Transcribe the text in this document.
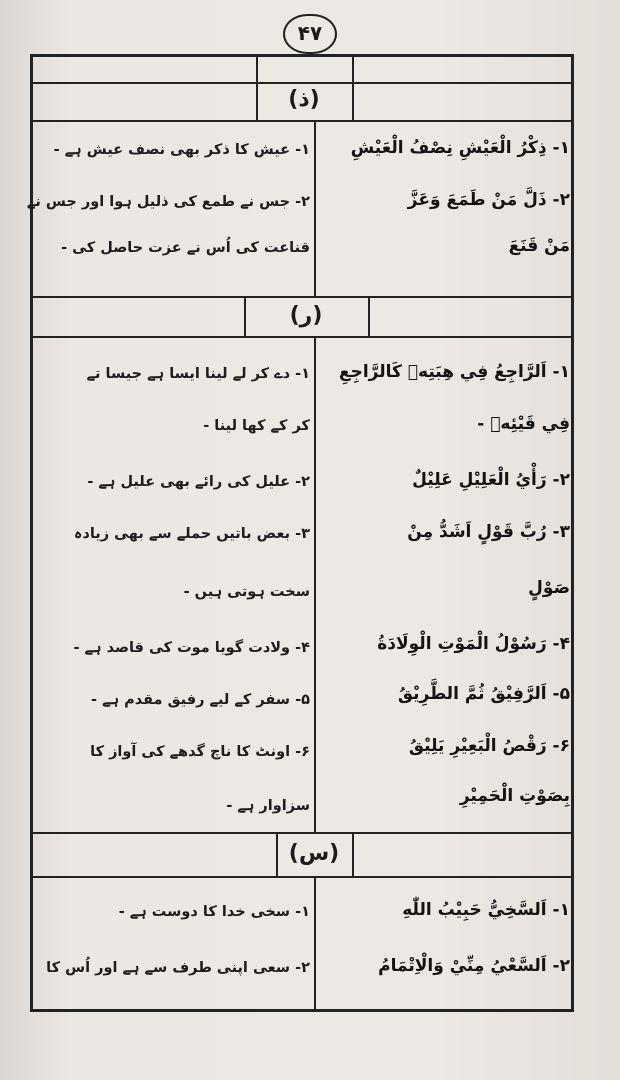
۴۷
(ذ)
۱- ذِكْرُ الْعَيْشِ نِصْفُ الْعَيْشِ
۲- ذَلَّ مَنْ طَمَعَ وَعَزَّ
مَنْ قَنَعَ
۱- عیش کا ذکر بھی نصف عیش ہے -
۲- جس نے طمع کی ذلیل ہوا اور جس نے
قناعت کی اُس نے عزت حاصل کی -
(ر)
۱- اَلرَّاجِعُ فِي هِبَتِهٖ كَالرَّاجِعِ
فِي قَيْئِهٖ -
۲- رَأْيُ الْعَلِيْلِ عَلِيْلٌ
۳- رُبَّ قَوْلٍ اَشَدُّ مِنْ
صَوْلٍ
۴- رَسُوْلُ الْمَوْتِ الْوِلَادَةُ
۵- اَلرَّفِيْقُ ثُمَّ الطَّرِيْقُ
۶- رَقْصُ الْبَعِيْرِ يَلِيْقُ
بِصَوْتِ الْحَمِيْرِ
۱- دے کر لے لینا ایسا ہے جیسا تے
کر کے کھا لینا -
۲- علیل کی رائے بھی علیل ہے -
۳- بعض باتیں حملے سے بھی زیادہ
سخت ہوتی ہیں -
۴- ولادت گویا موت کی قاصد ہے -
۵- سفر کے لیے رفیق مقدم ہے -
۶- اونٹ کا ناچ گدھے کی آواز کا
سزاوار ہے -
(س)
۱- اَلسَّخِيُّ حَبِيْبُ اللّٰهِ
۲- اَلسَّعْيُ مِنِّيْ وَالْاِتْمَامُ
۱- سخی خدا کا دوست ہے -
۲- سعی اپنی طرف سے ہے اور اُس کا
